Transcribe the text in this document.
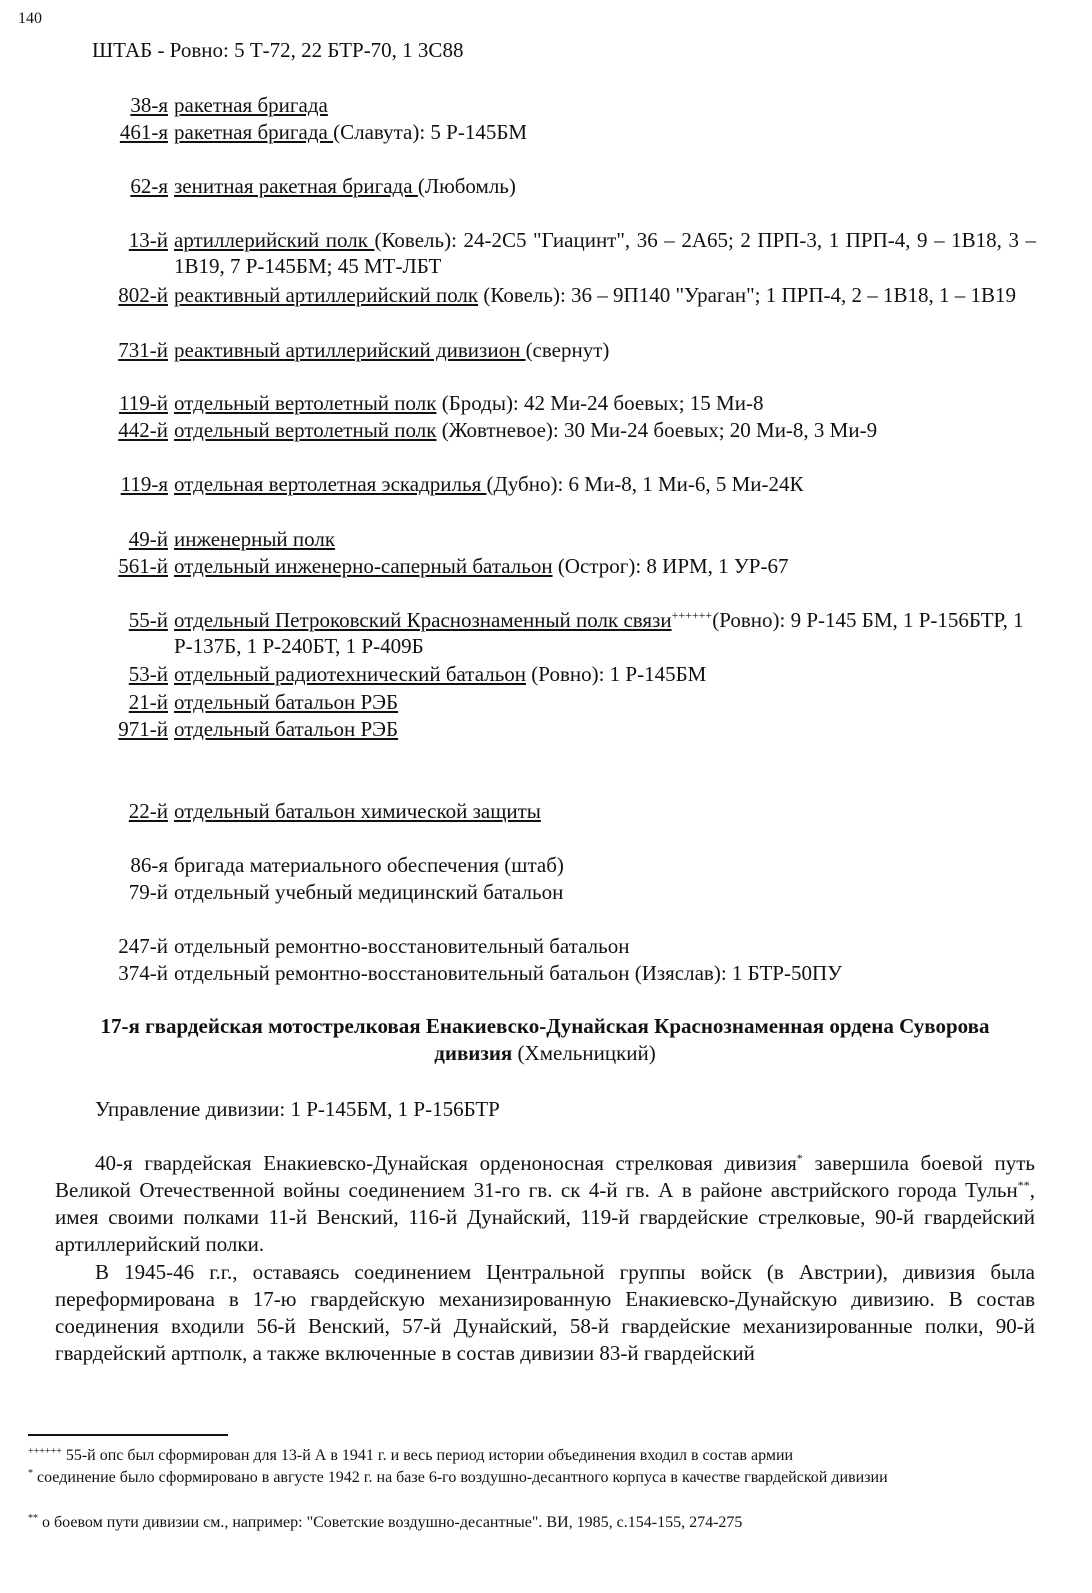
140
ШТАБ - Ровно: 5 Т-72, 22 БТР-70, 1 3С88
38-я ракетная бригада
461-я ракетная бригада (Славута): 5 Р-145БМ
62-я зенитная ракетная бригада (Любомль)
13-й артиллерийский полк (Ковель): 24-2С5 "Гиацинт", 36 – 2А65; 2 ПРП-3, 1 ПРП-4, 9 – 1В18, 3 – 1В19, 7 Р-145БМ; 45 МТ-ЛБТ
802-й реактивный артиллерийский полк (Ковель): 36 – 9П140 "Ураган"; 1 ПРП-4, 2 – 1В18, 1 – 1В19
731-й реактивный артиллерийский дивизион (свернут)
119-й отдельный вертолетный полк (Броды): 42 Ми-24 боевых; 15 Ми-8
442-й отдельный вертолетный полк (Жовтневое): 30 Ми-24 боевых; 20 Ми-8, 3 Ми-9
119-я отдельная вертолетная эскадрилья (Дубно): 6 Ми-8, 1 Ми-6, 5 Ми-24К
49-й инженерный полк
561-й отдельный инженерно-саперный батальон (Острог): 8 ИРМ, 1 УР-67
55-й отдельный Петроковский Краснознаменный полк связи++++++(Ровно): 9 Р-145 БМ, 1 Р-156БТР, 1 Р-137Б, 1 Р-240БТ, 1 Р-409Б
53-й отдельный радиотехнический батальон (Ровно): 1 Р-145БМ
21-й отдельный батальон РЭБ
971-й отдельный батальон РЭБ
22-й отдельный батальон химической защиты
86-я бригада материального обеспечения (штаб)
79-й отдельный учебный медицинский батальон
247-й отдельный ремонтно-восстановительный батальон
374-й отдельный ремонтно-восстановительный батальон (Изяслав): 1 БТР-50ПУ
17-я гвардейская мотострелковая Енакиевско-Дунайская Краснознаменная ордена Суворова дивизия (Хмельницкий)
Управление дивизии: 1 Р-145БМ, 1 Р-156БТР
40-я гвардейская Енакиевско-Дунайская орденоносная стрелковая дивизия* завершила боевой путь Великой Отечественной войны соединением 31-го гв. ск 4-й гв. А в районе австрийского города Тульн**, имея своими полками 11-й Венский, 116-й Дунайский, 119-й гвардейские стрелковые, 90-й гвардейский артиллерийский полки.
В 1945-46 г.г., оставаясь соединением Центральной группы войск (в Австрии), дивизия была переформирована в 17-ю гвардейскую механизированную Енакиевско-Дунайскую дивизию. В состав соединения входили 56-й Венский, 57-й Дунайский, 58-й гвардейские механизированные полки, 90-й гвардейский артполк, а также включенные в состав дивизии 83-й гвардейский
++++++ 55-й опс был сформирован для 13-й А в 1941 г. и весь период истории объединения входил в состав армии
* соединение было сформировано в августе 1942 г. на базе 6-го воздушно-десантного корпуса в качестве гвардейской дивизии
** о боевом пути дивизии см., например: "Советские воздушно-десантные". ВИ, 1985, с.154-155, 274-275
